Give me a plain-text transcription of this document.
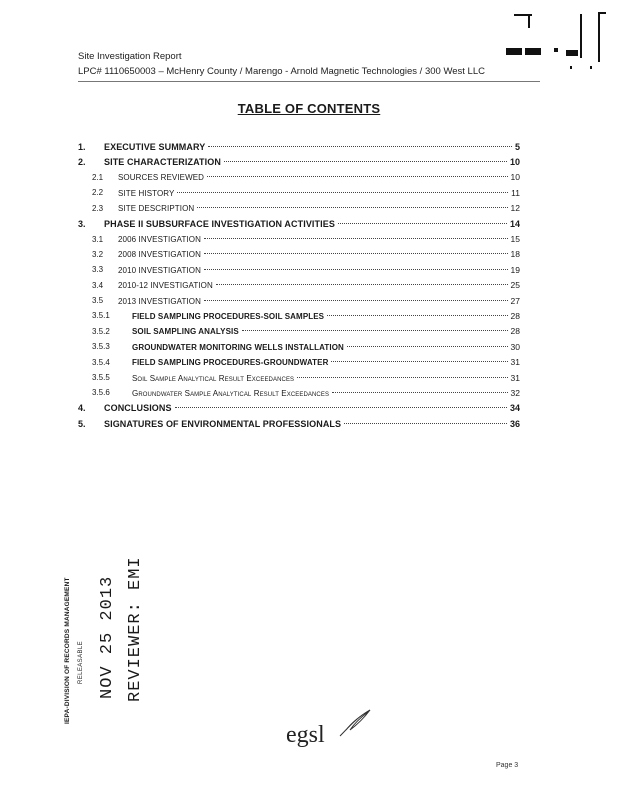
Site Investigation Report
LPC# 1110650003 – McHenry County / Marengo - Arnold Magnetic Technologies / 300 West LLC
TABLE OF CONTENTS
1. EXECUTIVE SUMMARY	5
2. SITE CHARACTERIZATION	10
2.1 SOURCES REVIEWED	10
2.2 SITE HISTORY	11
2.3 SITE DESCRIPTION	12
3. PHASE II SUBSURFACE INVESTIGATION ACTIVITIES	14
3.1 2006 INVESTIGATION	15
3.2 2008 INVESTIGATION	18
3.3 2010 INVESTIGATION	19
3.4 2010-12 INVESTIGATION	25
3.5 2013 INVESTIGATION	27
3.5.1	FIELD SAMPLING PROCEDURES-SOIL SAMPLES	28
3.5.2	SOIL SAMPLING ANALYSIS	28
3.5.3	GROUNDWATER MONITORING WELLS INSTALLATION	30
3.5.4	FIELD SAMPLING PROCEDURES-GROUNDWATER	31
3.5.5	Soil Sample Analytical Result Exceedances	31
3.5.6	Groundwater Sample Analytical Result Exceedances	32
4. CONCLUSIONS	34
5. SIGNATURES OF ENVIRONMENTAL PROFESSIONALS	36
IEPA-DIVISION OF RECORDS MANAGEMENT RELEASABLE NOV 25 2013 REVIEWER: EMI
egsl
Page 3
